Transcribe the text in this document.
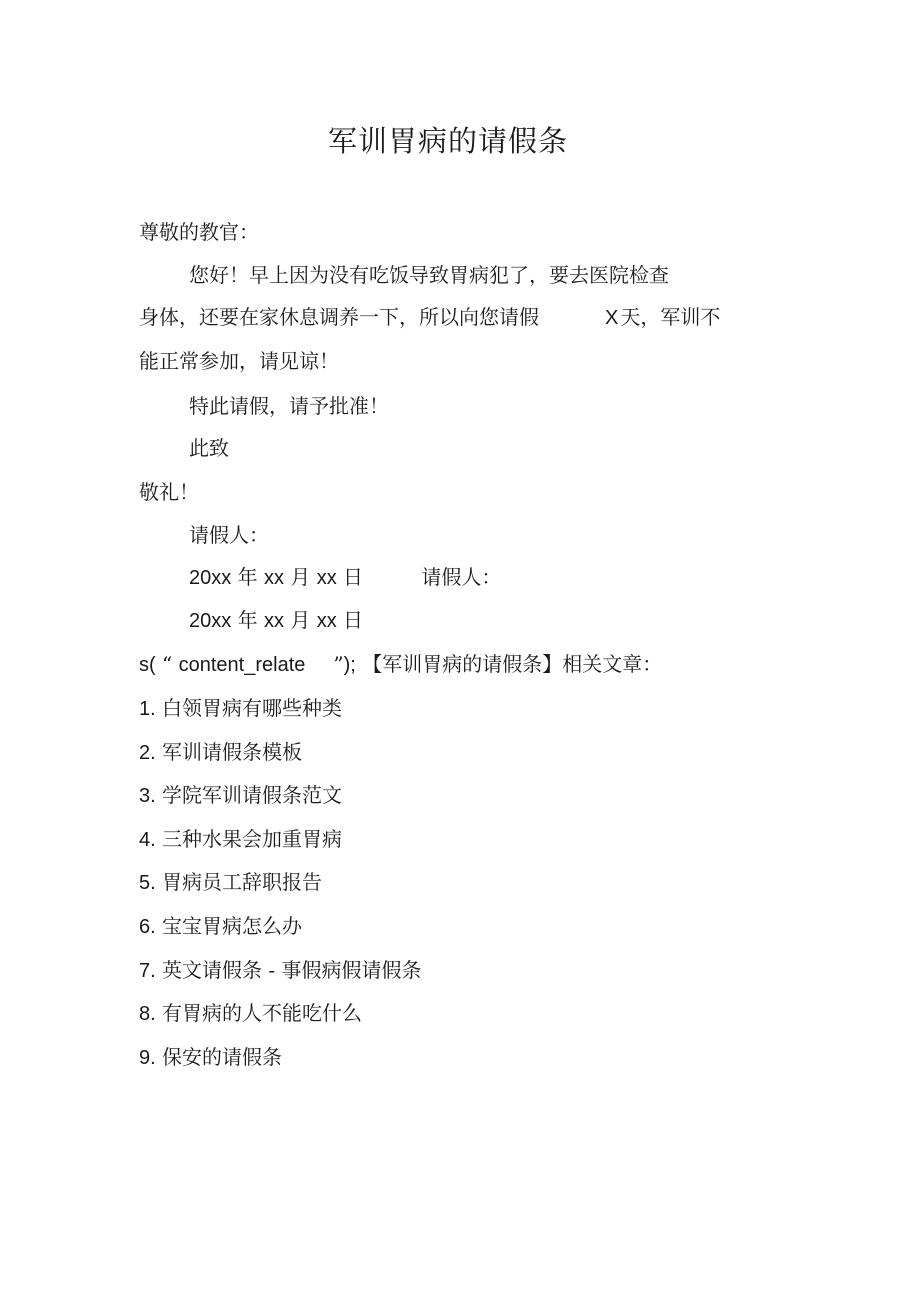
军训胃病的请假条
尊敬的教官：
您好！早上因为没有吃饭导致胃病犯了，要去医院检查
身体，还要在家休息调养一下，所以向您请假	X 天，军训不
能正常参加，请见谅！
特此请假，请予批准！
此致
敬礼！
请假人：
20xx 年 xx 月 xx 日	请假人：
20xx 年 xx 月 xx 日
s( “ content_relate ”); 【军训胃病的请假条】相关文章：
1. 白领胃病有哪些种类
2. 军训请假条模板
3. 学院军训请假条范文
4. 三种水果会加重胃病
5. 胃病员工辞职报告
6. 宝宝胃病怎么办
7. 英文请假条 - 事假病假请假条
8. 有胃病的人不能吃什么
9. 保安的请假条
